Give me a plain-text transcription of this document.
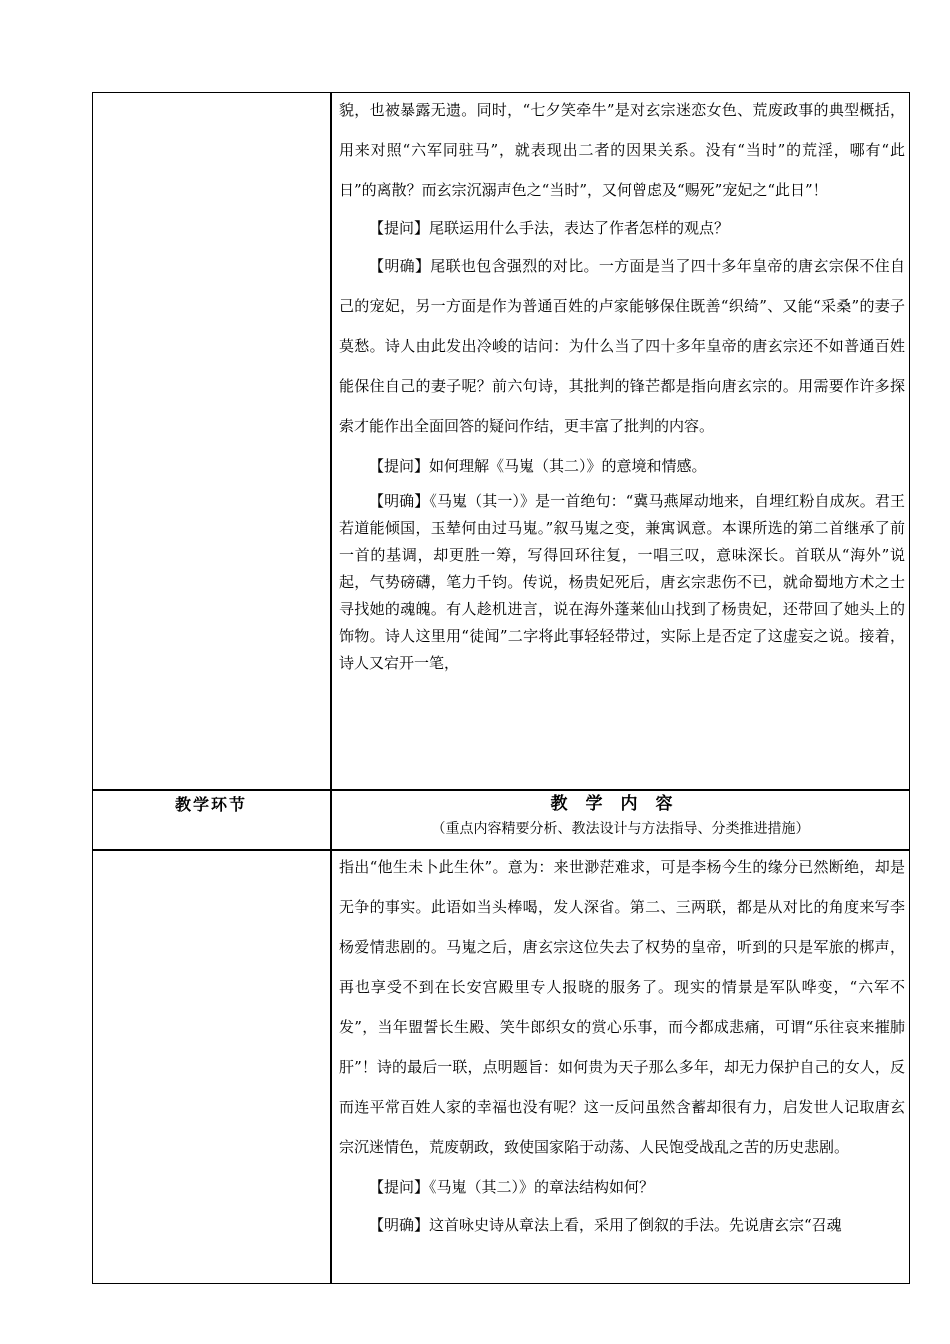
貌，也被暴露无遗。同时，“七夕笑牵牛”是对玄宗迷恋女色、荒废政事的典型概括，用来对照“六军同驻马”，就表现出二者的因果关系。没有“当时”的荒淫，哪有“此日”的离散？而玄宗沉溺声色之“当时”，又何曾虑及“赐死”宠妃之“此日”！

【提问】尾联运用什么手法，表达了作者怎样的观点？

【明确】尾联也包含强烈的对比。一方面是当了四十多年皇帝的唐玄宗保不住自己的宠妃，另一方面是作为普通百姓的卢家能够保住既善“织绮”、又能“采桑”的妻子莫愁。诗人由此发出冷峻的诘问：为什么当了四十多年皇帝的唐玄宗还不如普通百姓能保住自己的妻子呢？前六句诗，其批判的锋芒都是指向唐玄宗的。用需要作许多探索才能作出全面回答的疑问作结，更丰富了批判的内容。

【提问】如何理解《马嵬（其二）》的意境和情感。

【明确】《马嵬（其一）》是一首绝句：“冀马燕犀动地来，自埋红粉自成灰。君王若道能倾国，玉辇何由过马嵬。”叙马嵬之变，兼寓讽意。本课所选的第二首继承了前一首的基调，却更胜一筹，写得回环往复，一唱三叹，意味深长。首联从“海外”说起，气势磅礴，笔力千钧。传说，杨贵妃死后，唐玄宗悲伤不已，就命蜀地方术之士寻找她的魂魄。有人趁机进言，说在海外蓬莱仙山找到了杨贵妃，还带回了她头上的饰物。诗人这里用“徒闻”二字将此事轻轻带过，实际上是否定了这虚妄之说。接着，诗人又宕开一笔，

教学环节	教学内容
（重点内容精要分析、教法设计与方法指导、分类推进措施）

指出“他生未卜此生休”。意为：来世渺茫难求，可是李杨今生的缘分已然断绝，却是无争的事实。此语如当头棒喝，发人深省。第二、三两联，都是从对比的角度来写李杨爱情悲剧的。马嵬之后，唐玄宗这位失去了权势的皇帝，听到的只是军旅的梆声，再也享受不到在长安宫殿里专人报晓的服务了。现实的情景是军队哗变，“六军不发”，当年盟誓长生殿、笑牛郎织女的赏心乐事，而今都成悲痛，可谓“乐往哀来摧肺肝”！诗的最后一联，点明题旨：如何贵为天子那么多年，却无力保护自己的女人，反而连平常百姓人家的幸福也没有呢？这一反问虽然含蓄却很有力，启发世人记取唐玄宗沉迷情色，荒废朝政，致使国家陷于动荡、人民饱受战乱之苦的历史悲剧。

【提问】《马嵬（其二）》的章法结构如何？

【明确】这首咏史诗从章法上看，采用了倒叙的手法。先说唐玄宗“召魂
